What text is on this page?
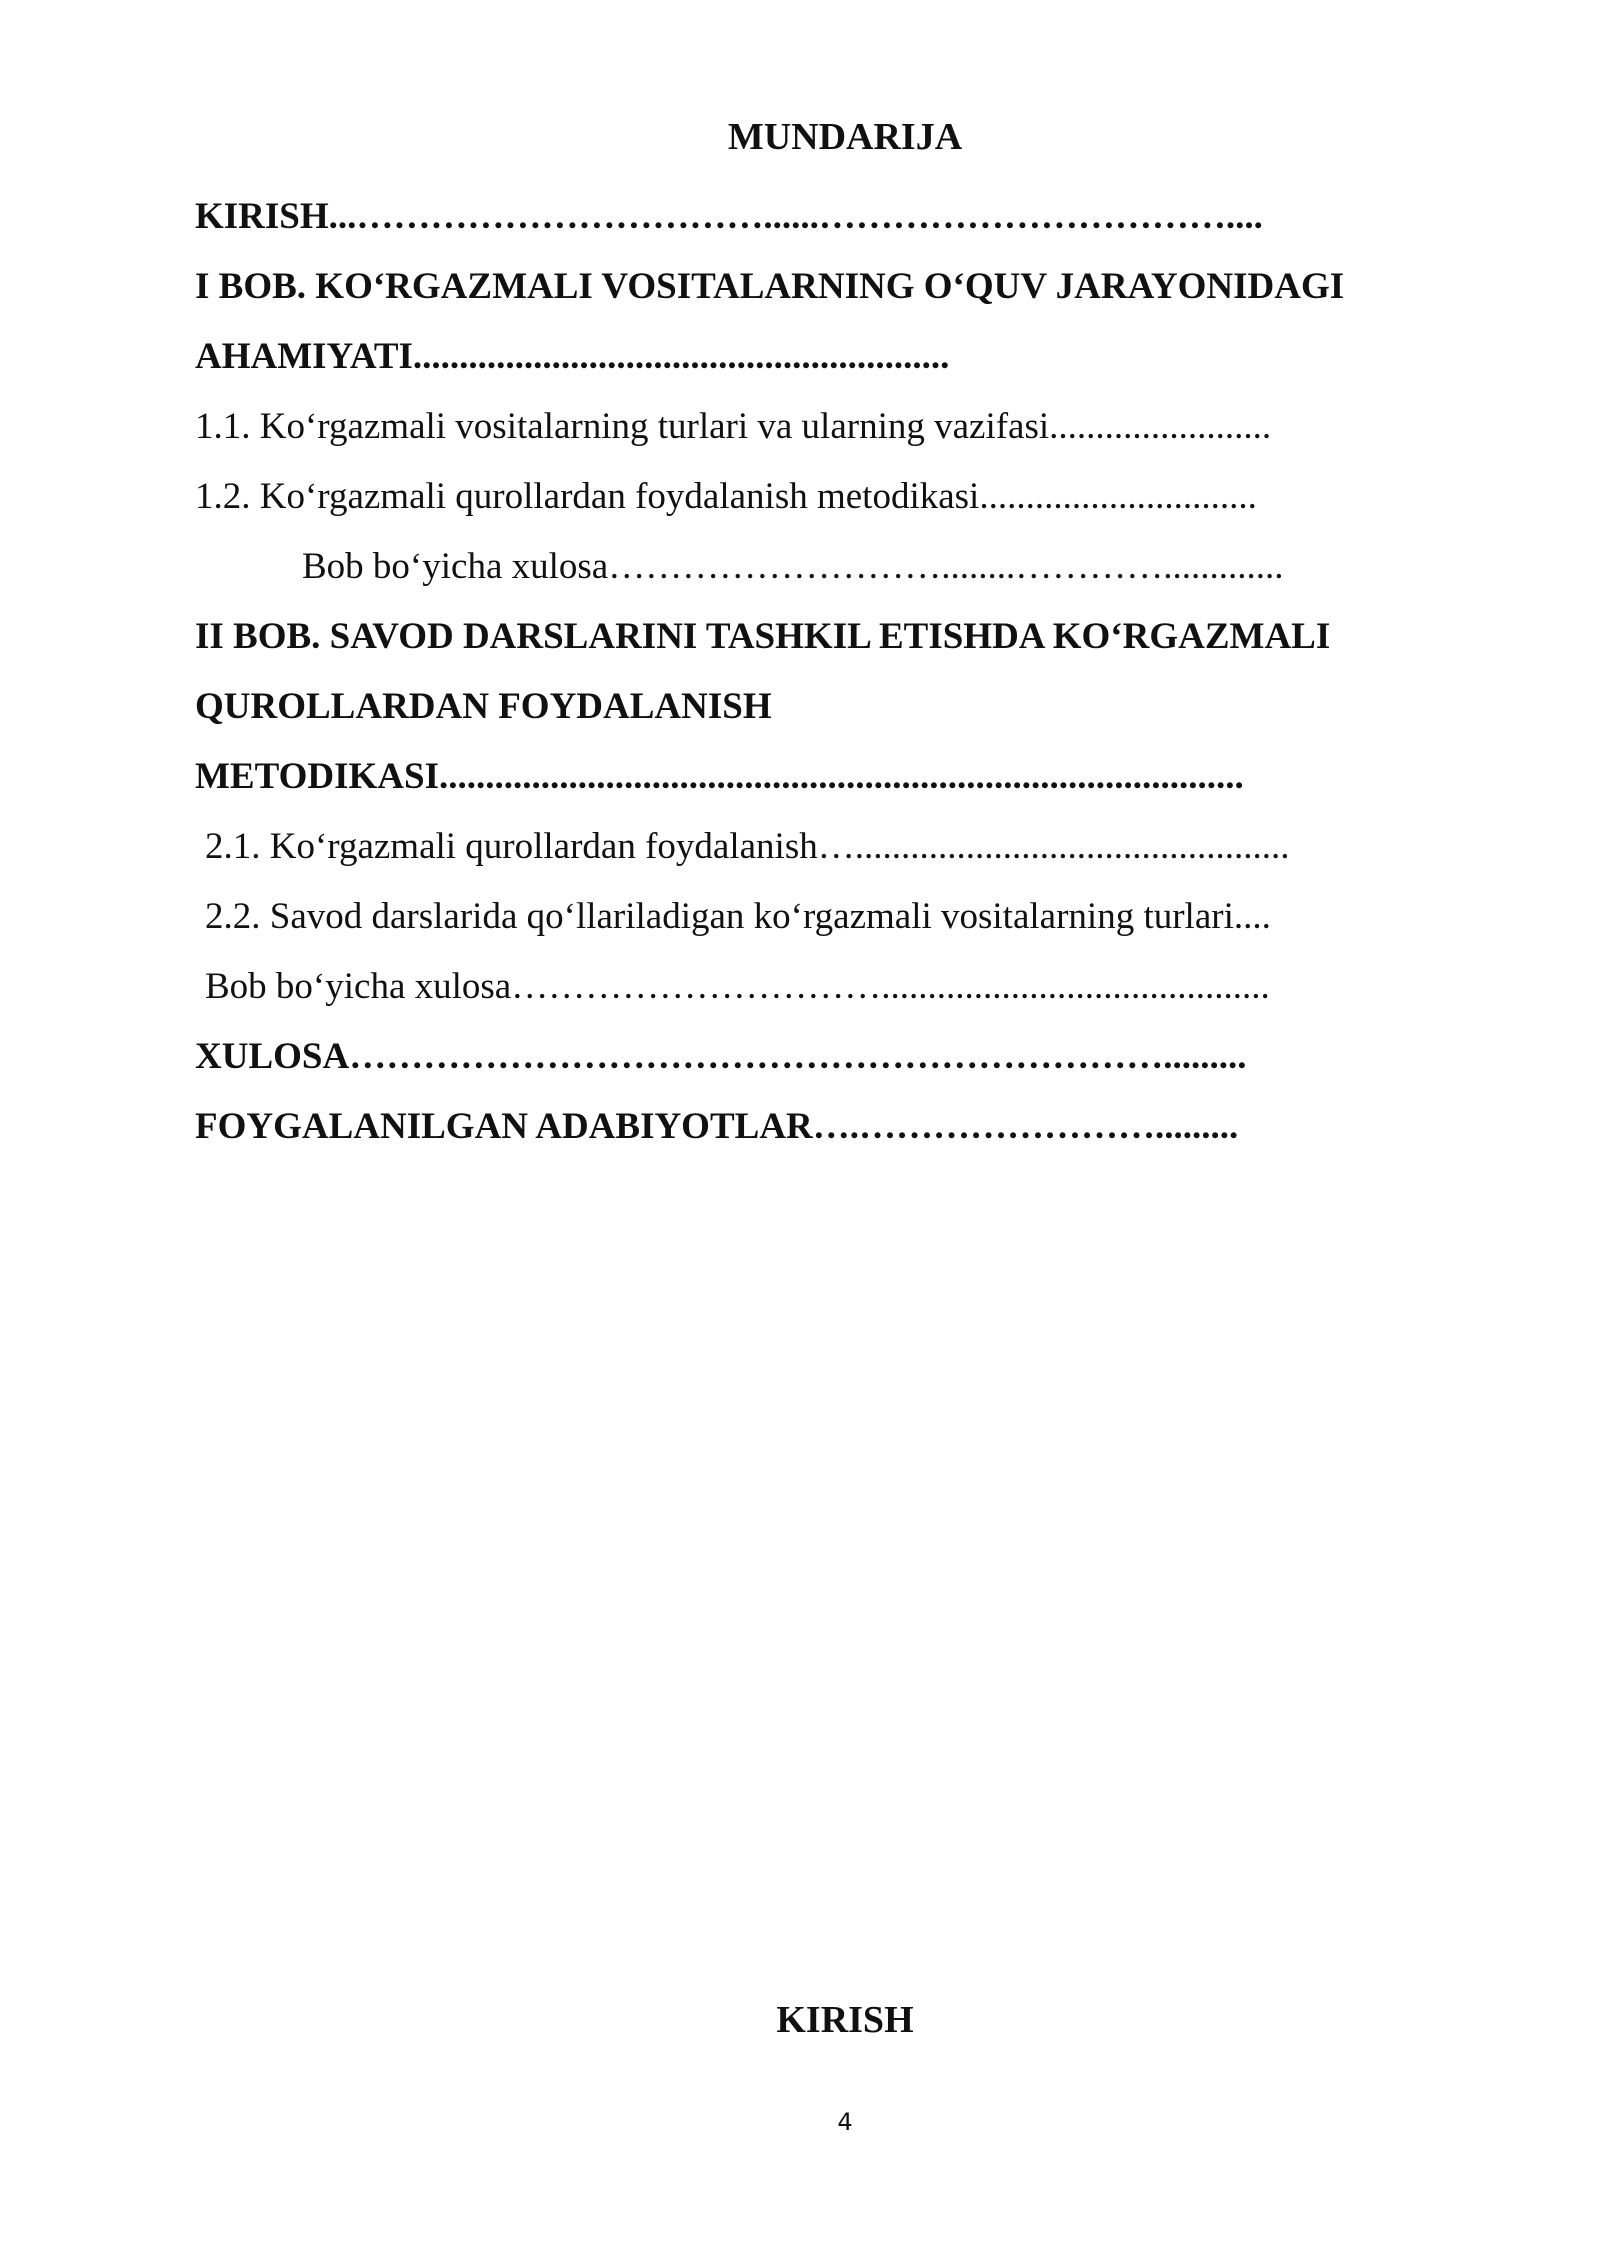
MUNDARIJA
KIRISH...……………………………......……………………………....
I BOB. KO‘RGAZMALI VOSITALARNING O‘QUV JARAYONIDAGI
AHAMIYATI..........................................................
1.1. Ko‘rgazmali vositalarning turlari va ularning vazifasi........................
1.2. Ko‘rgazmali qurollardan foydalanish metodikasi..............................
Bob bo‘yicha xulosa………………………........………….............
II BOB. SAVOD DARSLARINI TASHKIL ETISHDA KO‘RGAZMALI
QUROLLARDAN FOYDALANISH
METODIKASI.......................................................................................
2.1. Ko‘rgazmali qurollardan foydalanish…...............................................
2.2. Savod darslarida qo‘llariladigan ko‘rgazmali vositalarning turlari....
Bob bo‘yicha xulosa…………………………..........................................
XULOSA………………………………………………………….........
FOYGALANILGAN ADABIYOTLAR….…………………….........
KIRISH
4
